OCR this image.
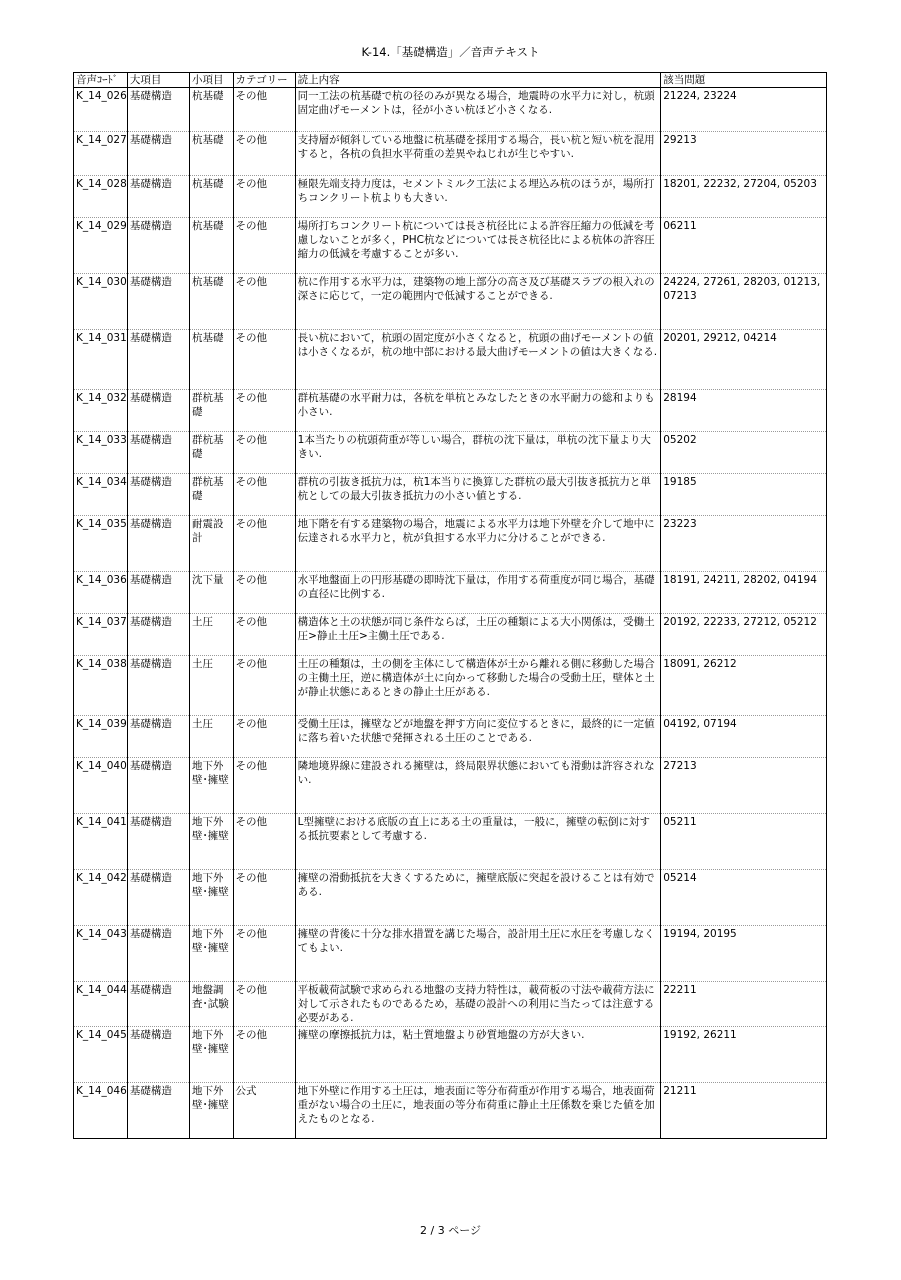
K-14.「基礎構造」／音声テキスト
音声ｺｰﾄﾞ	大項目	小項目	カテゴリー	読上内容	該当問題
K_14_026	基礎構造	杭基礎	その他	同一工法の杭基礎で杭の径のみが異なる場合，地震時の水平力に対し，杭頭固定曲げモーメントは，径が小さい杭ほど小さくなる.	21224, 23224
K_14_027	基礎構造	杭基礎	その他	支持層が傾斜している地盤に杭基礎を採用する場合，長い杭と短い杭を混用すると，各杭の負担水平荷重の差異やねじれが生じやすい.	29213
K_14_028	基礎構造	杭基礎	その他	極限先端支持力度は，セメントミルク工法による埋込み杭のほうが，場所打ちコンクリート杭よりも大きい.	18201, 22232, 27204, 05203
K_14_029	基礎構造	杭基礎	その他	場所打ちコンクリート杭については長さ杭径比による許容圧縮力の低減を考慮しないことが多く，PHC杭などについては長さ杭径比による杭体の許容圧縮力の低減を考慮することが多い.	06211
K_14_030	基礎構造	杭基礎	その他	杭に作用する水平力は，建築物の地上部分の高さ及び基礎スラブの根入れの深さに応じて，一定の範囲内で低減することができる.	24224, 27261, 28203, 01213, 07213
K_14_031	基礎構造	杭基礎	その他	長い杭において，杭頭の固定度が小さくなると，杭頭の曲げモーメントの値は小さくなるが，杭の地中部における最大曲げモーメントの値は大きくなる.	20201, 29212, 04214
K_14_032	基礎構造	群杭基礎	その他	群杭基礎の水平耐力は，各杭を単杭とみなしたときの水平耐力の総和よりも小さい.	28194
K_14_033	基礎構造	群杭基礎	その他	1本当たりの杭頭荷重が等しい場合，群杭の沈下量は，単杭の沈下量より大きい.	05202
K_14_034	基礎構造	群杭基礎	その他	群杭の引抜き抵抗力は，杭1本当りに換算した群杭の最大引抜き抵抗力と単杭としての最大引抜き抵抗力の小さい値とする.	19185
K_14_035	基礎構造	耐震設計	その他	地下階を有する建築物の場合，地震による水平力は地下外壁を介して地中に伝達される水平力と，杭が負担する水平力に分けることができる.	23223
K_14_036	基礎構造	沈下量	その他	水平地盤面上の円形基礎の即時沈下量は，作用する荷重度が同じ場合，基礎の直径に比例する.	18191, 24211, 28202, 04194
K_14_037	基礎構造	土圧	その他	構造体と土の状態が同じ条件ならば，土圧の種類による大小関係は，受働土圧>静止土圧>主働土圧である.	20192, 22233, 27212, 05212
K_14_038	基礎構造	土圧	その他	土圧の種類は，土の側を主体にして構造体が土から離れる側に移動した場合の主働土圧，逆に構造体が土に向かって移動した場合の受動土圧，壁体と土が静止状態にあるときの静止土圧がある.	18091, 26212
K_14_039	基礎構造	土圧	その他	受働土圧は，擁壁などが地盤を押す方向に変位するときに，最終的に一定値に落ち着いた状態で発揮される土圧のことである.	04192, 07194
K_14_040	基礎構造	地下外壁･擁壁	その他	隣地境界線に建設される擁壁は，終局限界状態においても滑動は許容されない.	27213
K_14_041	基礎構造	地下外壁･擁壁	その他	L型擁壁における底版の直上にある土の重量は，一般に，擁壁の転倒に対する抵抗要素として考慮する.	05211
K_14_042	基礎構造	地下外壁･擁壁	その他	擁壁の滑動抵抗を大きくするために，擁壁底版に突起を設けることは有効である.	05214
K_14_043	基礎構造	地下外壁･擁壁	その他	擁壁の背後に十分な排水措置を講じた場合，設計用土圧に水圧を考慮しなくてもよい.	19194, 20195
K_14_044	基礎構造	地盤調査･試験	その他	平板載荷試験で求められる地盤の支持力特性は，載荷板の寸法や載荷方法に対して示されたものであるため，基礎の設計への利用に当たっては注意する必要がある.	22211
K_14_045	基礎構造	地下外壁･擁壁	その他	擁壁の摩擦抵抗力は，粘土質地盤より砂質地盤の方が大きい.	19192, 26211
K_14_046	基礎構造	地下外壁･擁壁	公式	地下外壁に作用する土圧は，地表面に等分布荷重が作用する場合，地表面荷重がない場合の土圧に，地表面の等分布荷重に静止土圧係数を乗じた値を加えたものとなる.	21211
2 / 3 ページ
